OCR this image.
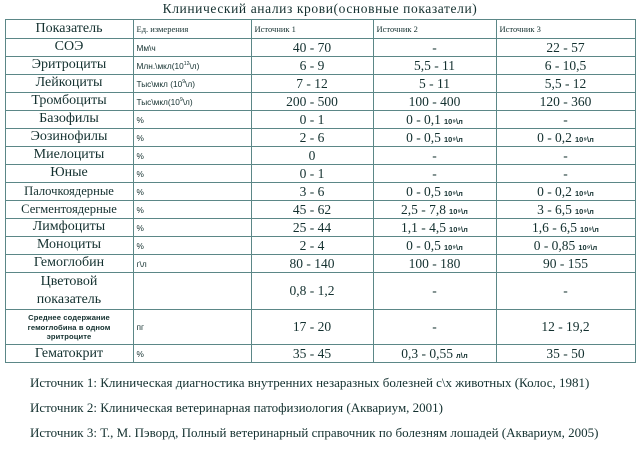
Клинический анализ крови(основные показатели)
Показатель	Ед. измерения	Источник 1	Источник 2	Источник 3
СОЭ	Мм\ч	40 - 70	-	22 - 57
Эритроциты	$Млн.\backslash мкл(10^{12}\backslash л)$	6 - 9	5,5 - 11	6 - 10,5
Лейкоциты	Тыс\мкл $(10^9\backslash л)$	7 - 12	5 - 11	5,5 - 12
Тромбоциты	$Тыс\backslash мкл(10^9\backslash л)$	200 - 500	100 - 400	120 - 360
Базофилы	%	0 - 1	0 - 0,1 10⁹\л	-
Эозинофилы	%	2 - 6	0 - 0,5 10⁹\л	0 - 0,2 10⁹\л
Миелоциты	%	0	-	-
Юные	%	0 - 1	-	-
Палочкоядерные	%	3 - 6	0 - 0,5 10⁹\л	0 - 0,2 10⁹\л
Сегментоядерные	%	45 - 62	2,5 - 7,8 10⁹\л	3 - 6,5 10⁹\л
Лимфоциты	%	25 - 44	1,1 - 4,5 10⁹\л	1,6 - 6,5 10⁹\л
Моноциты	%	2 - 4	0 - 0,5 10⁹\л	0 - 0,85 10⁹\л
Гемоглобин	г\л	80 - 140	100 - 180	90 - 155
Цветовой показатель		0,8 - 1,2	-	-
Среднее содержание гемоглобина в одном эритроците	пг	17 - 20	-	12 - 19,2
Гематокрит	%	35 - 45	0,3 - 0,55 л\л	35 - 50
Источник 1: Клиническая диагностика внутренних незаразных болезней с\х животных (Колос, 1981)
Источник 2: Клиническая ветеринарная патофизиология (Аквариум, 2001)
Источник 3: Т., М. Пэворд, Полный ветеринарный справочник по болезням лошадей (Аквариум, 2005)
